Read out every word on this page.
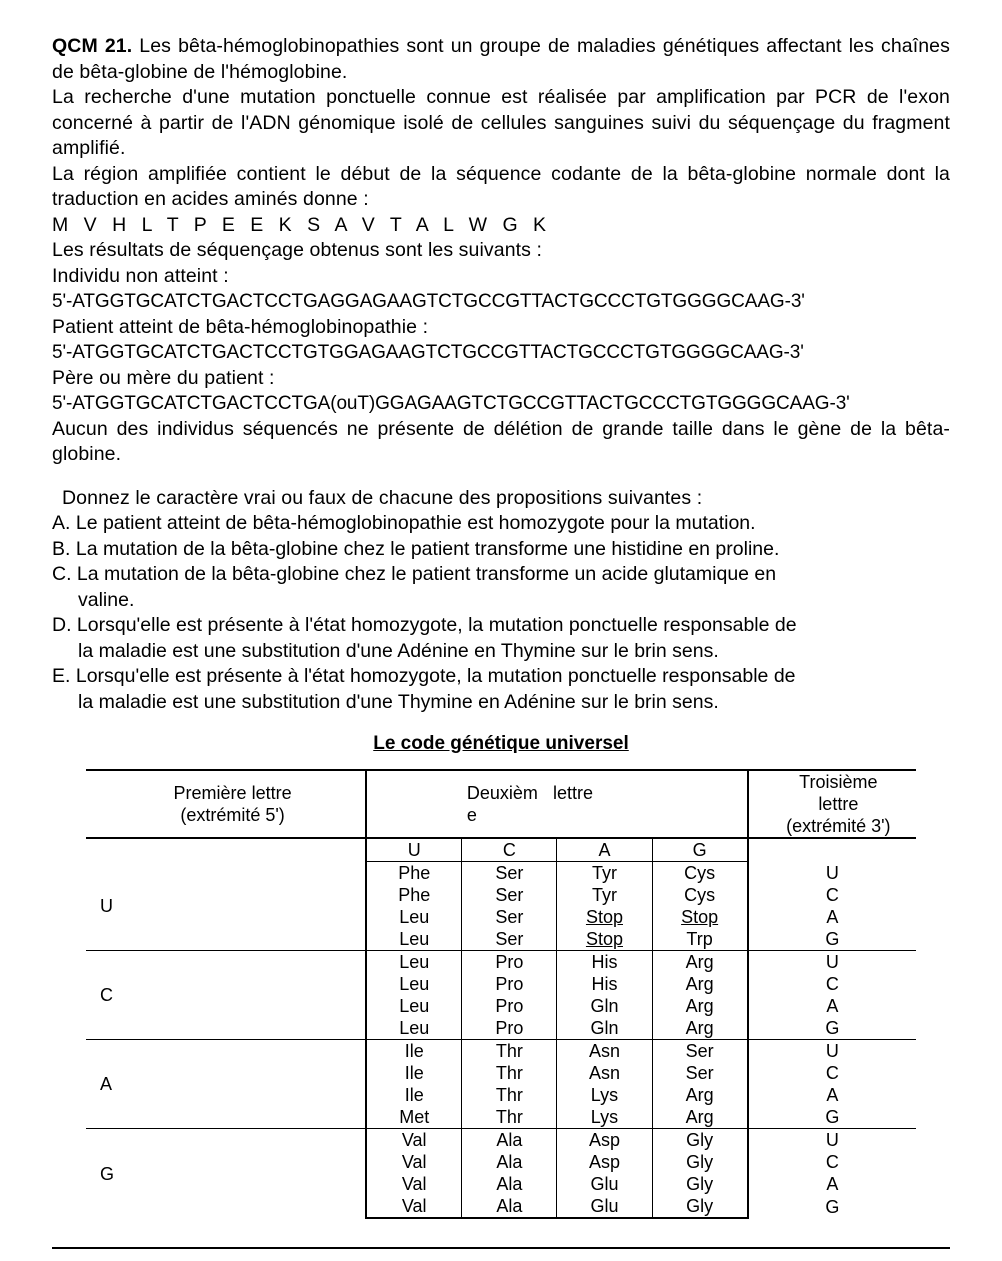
QCM 21. Les bêta-hémoglobinopathies sont un groupe de maladies génétiques affectant les chaînes de bêta-globine de l'hémoglobine.

La recherche d'une mutation ponctuelle connue est réalisée par amplification par PCR de l'exon concerné à partir de l'ADN génomique isolé de cellules sanguines suivi du séquençage du fragment amplifié.

La région amplifiée contient le début de la séquence codante de la bêta-globine normale dont la traduction en acides aminés donne :

M V H L T P E E K S A V T A L W G K

Les résultats de séquençage obtenus sont les suivants :

Individu non atteint :

5'-ATGGTGCATCTGACTCCTGAGGAGAAGTCTGCCGTTACTGCCCTGTGGGGCAAG-3'

Patient atteint de bêta-hémoglobinopathie :

5'-ATGGTGCATCTGACTCCTGTGGAGAAGTCTGCCGTTACTGCCCTGTGGGGCAAG-3'

Père ou mère du patient :

5'-ATGGTGCATCTGACTCCTGA(ouT)GGAGAAGTCTGCCGTTACTGCCCTGTGGGGCAAG-3'

Aucun des individus séquencés ne présente de délétion de grande taille dans le gène de la bêta-globine.

Donnez le caractère vrai ou faux de chacune des propositions suivantes :

A. Le patient atteint de bêta-hémoglobinopathie est homozygote pour la mutation.
B. La mutation de la bêta-globine chez le patient transforme une histidine en proline.
C. La mutation de la bêta-globine chez le patient transforme un acide glutamique en
valine.
D. Lorsqu'elle est présente à l'état homozygote, la mutation ponctuelle responsable de
la maladie est une substitution d'une Adénine en Thymine sur le brin sens.
E. Lorsqu'elle est présente à l'état homozygote, la mutation ponctuelle responsable de
la maladie est une substitution d'une Thymine en Adénine sur le brin sens.

Le code génétique universel

Première lettre
(extrémité 5')
	Deuxièm lettre
e	
Troisième
lettre
(extrémité 3')

	U	C	A	G	
U	Phe	Ser	Tyr	Cys	U
	Phe	Ser	Tyr	Cys	C
	Leu	Ser	Stop	Stop	A
	Leu	Ser	Stop	Trp	G
C	Leu	Pro	His	Arg	U
	Leu	Pro	His	Arg	C
	Leu	Pro	Gln	Arg	A
	Leu	Pro	Gln	Arg	G
A	Ile	Thr	Asn	Ser	U
	Ile	Thr	Asn	Ser	C
	Ile	Thr	Lys	Arg	A
	Met	Thr	Lys	Arg	G
G	Val	Ala	Asp	Gly	U
	Val	Ala	Asp	Gly	C
	Val	Ala	Glu	Gly	A
	Val	Ala	Glu	Gly	G
